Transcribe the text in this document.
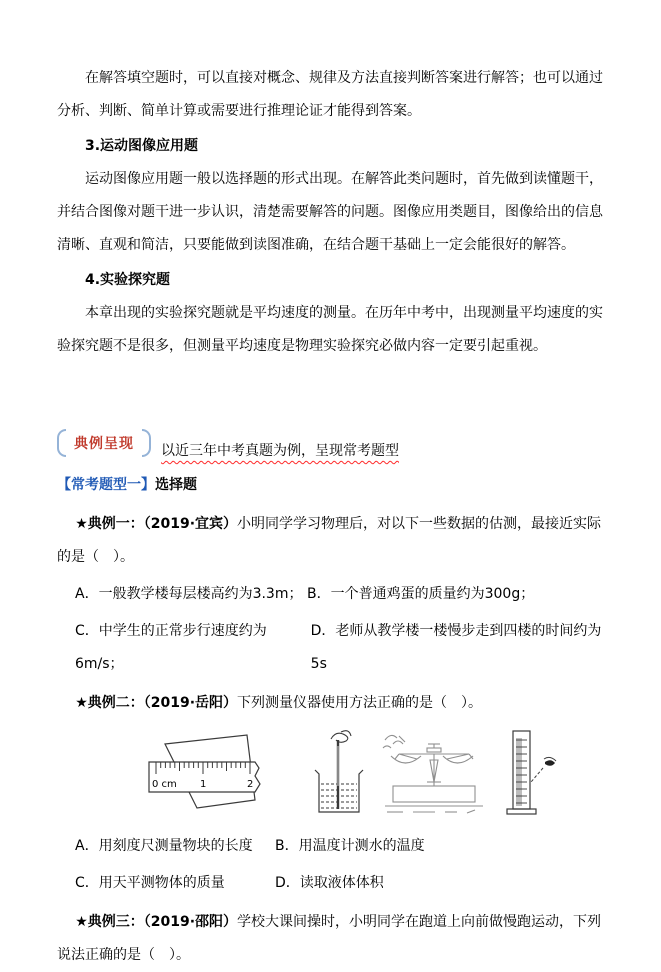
在解答填空题时，可以直接对概念、规律及方法直接判断答案进行解答；也可以通过分析、判断、简单计算或需要进行推理论证才能得到答案。

3.运动图像应用题

运动图像应用题一般以选择题的形式出现。在解答此类问题时，首先做到读懂题干，并结合图像对题干进一步认识，清楚需要解答的问题。图像应用类题目，图像给出的信息清晰、直观和简洁，只要能做到读图准确，在结合题干基础上一定会能很好的解答。

4.实验探究题

本章出现的实验探究题就是平均速度的测量。在历年中考中，出现测量平均速度的实验探究题不是很多，但测量平均速度是物理实验探究必做内容一定要引起重视。

典例呈现	以近三年中考真题为例，呈现常考题型

【常考题型一】选择题

★典例一：（2019·宜宾）小明同学学习物理后，对以下一些数据的估测，最接近实际的是（　）。

A．一般教学楼每层楼高约为3.3m； B．一个普通鸡蛋的质量约为300g；
C．中学生的正常步行速度约为6m/s；
D．老师从教学楼一楼慢步走到四楼的时间约为5s

★典例二：（2019·岳阳）下列测量仪器使用方法正确的是（　）。

0 cm 1	2
A．用刻度尺测量物块的长度	B．用温度计测水的温度
C．用天平测物体的质量	D．读取液体体积

★典例三：（2019·邵阳）学校大课间操时，小明同学在跑道上向前做慢跑运动，下列说法正确的是（　）。
